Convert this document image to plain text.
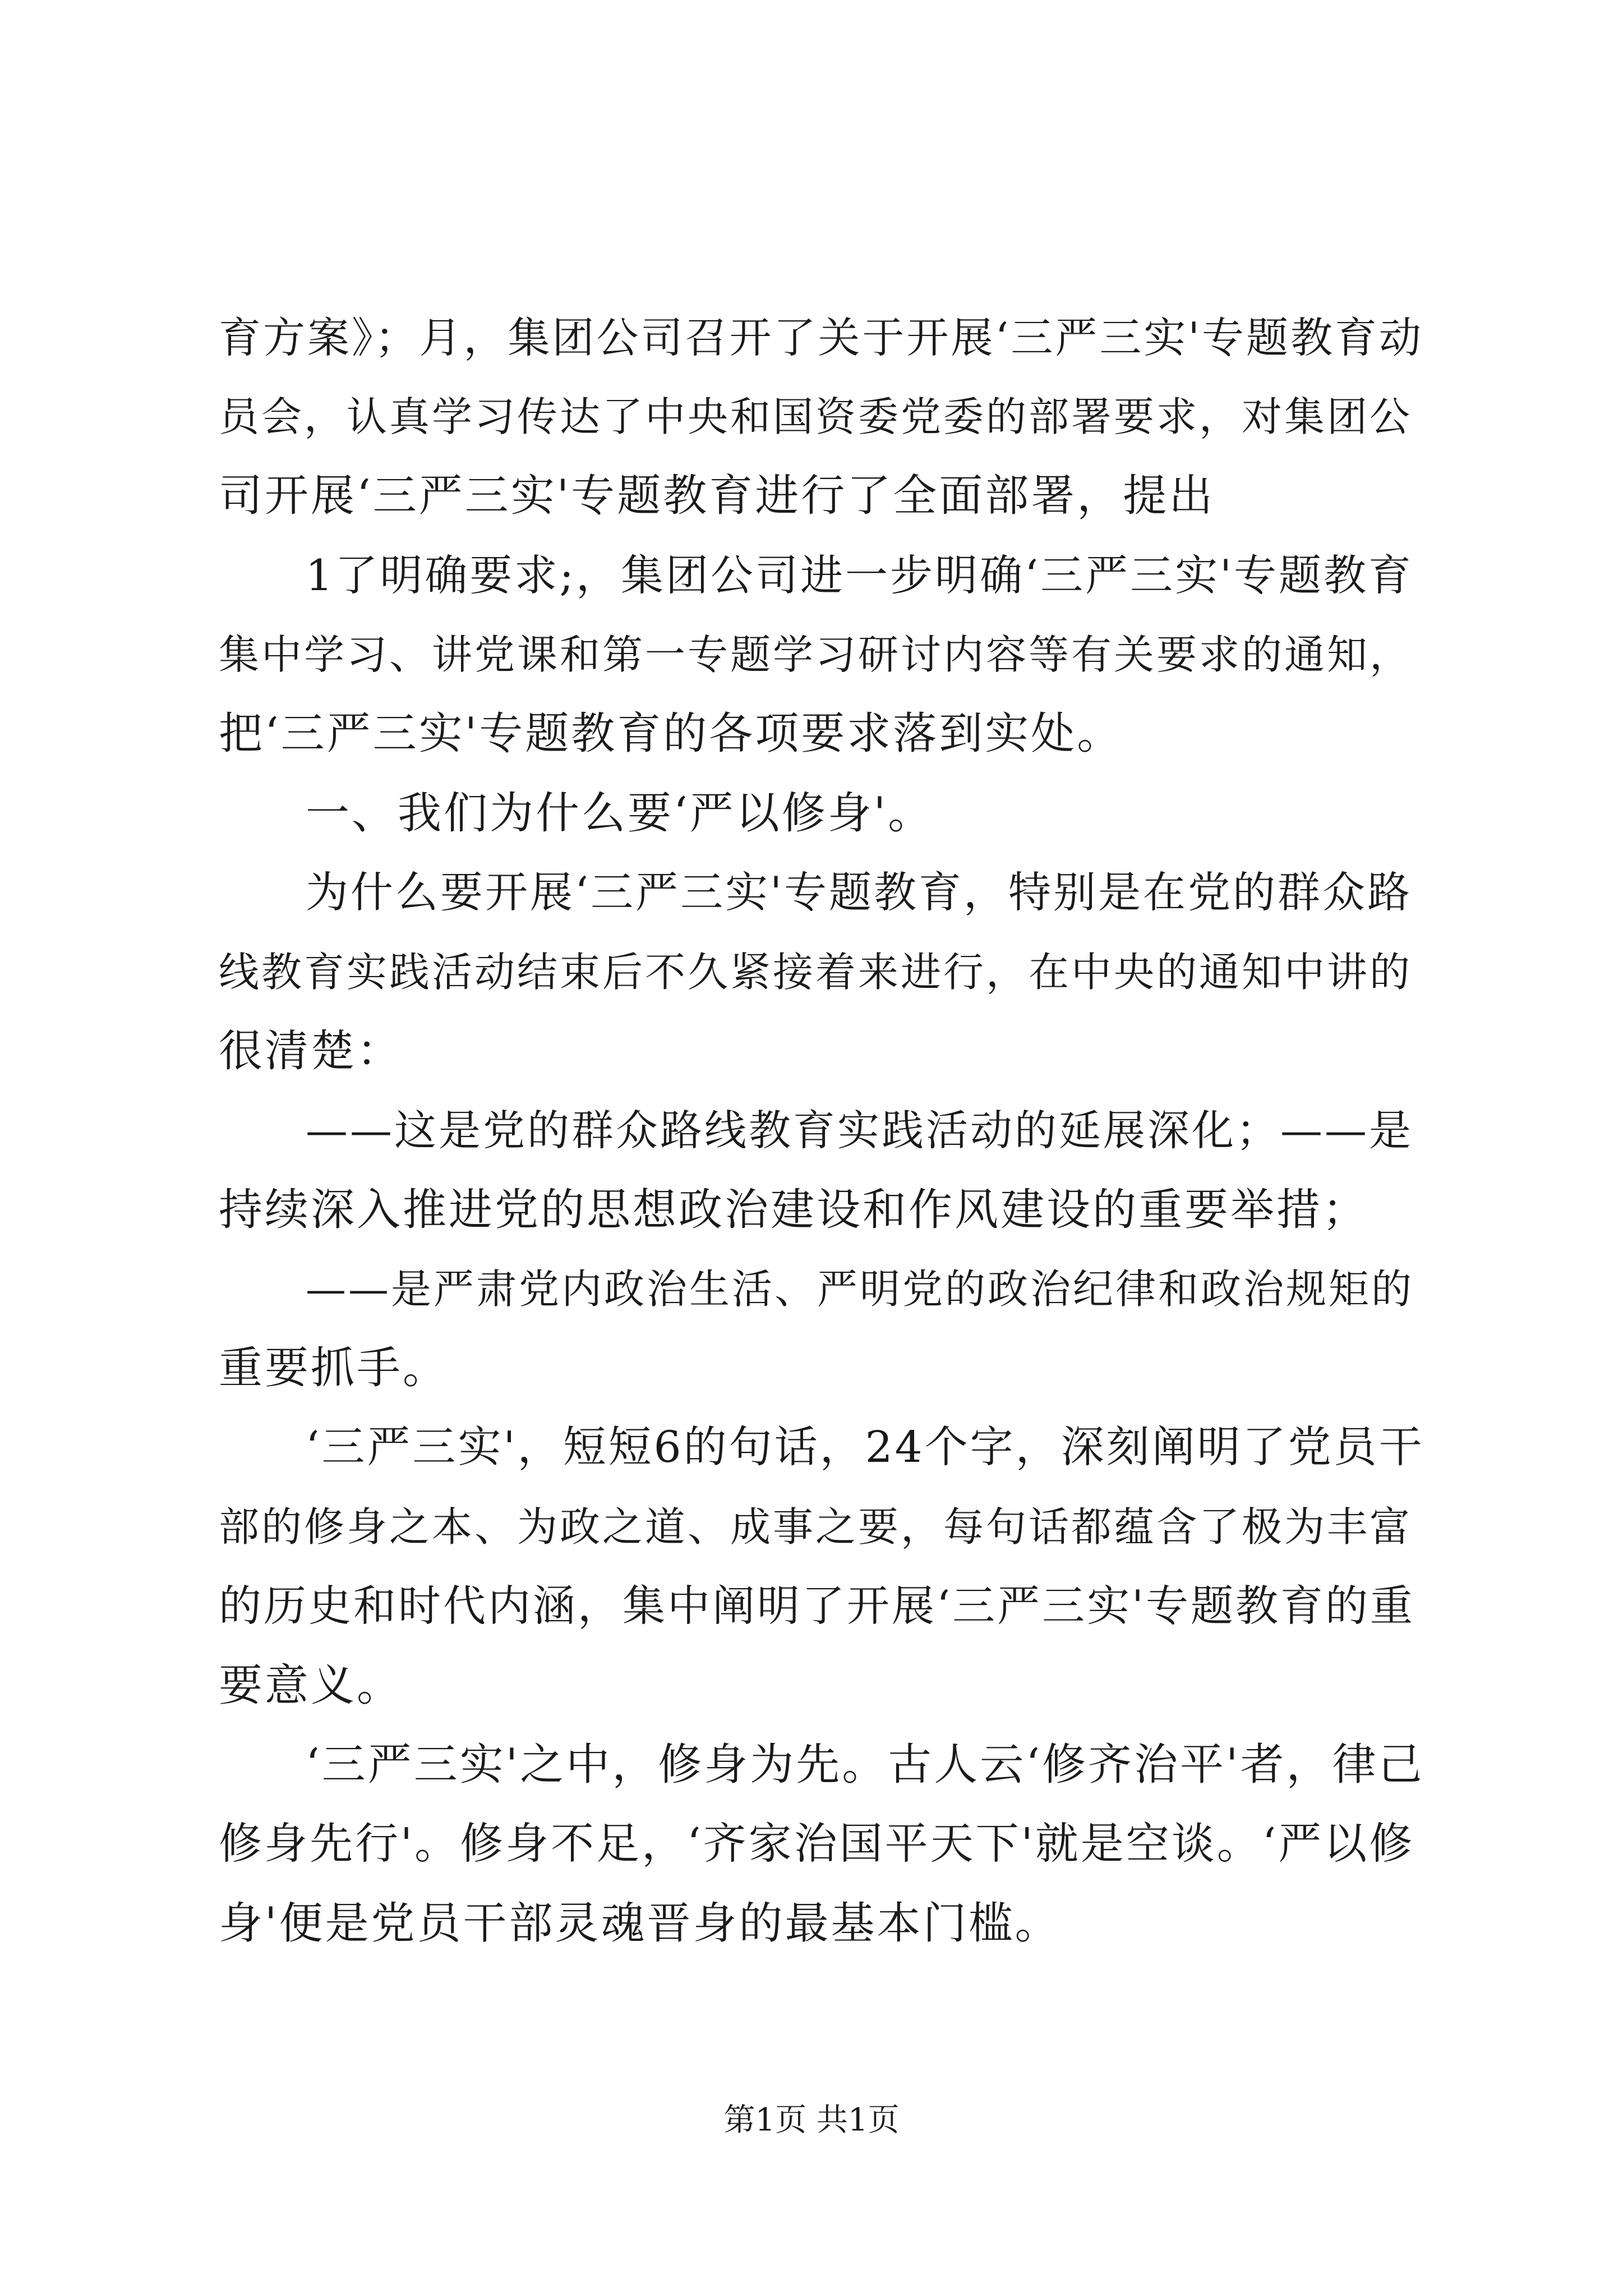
育方案》；月，集团公司召开了关于开展‘三严三实'专题教育动
员会，认真学习传达了中央和国资委党委的部署要求，对集团公
司开展‘三严三实'专题教育进行了全面部署，提出
1了明确要求;，集团公司进一步明确‘三严三实'专题教育
集中学习、讲党课和第一专题学习研讨内容等有关要求的通知，
把‘三严三实'专题教育的各项要求落到实处。
一、我们为什么要‘严以修身'。
为什么要开展‘三严三实'专题教育，特别是在党的群众路
线教育实践活动结束后不久紧接着来进行，在中央的通知中讲的
很清楚：
——这是党的群众路线教育实践活动的延展深化；——是
持续深入推进党的思想政治建设和作风建设的重要举措；
——是严肃党内政治生活、严明党的政治纪律和政治规矩的
重要抓手。
‘三严三实'，短短6的句话，24个字，深刻阐明了党员干
部的修身之本、为政之道、成事之要，每句话都蕴含了极为丰富
的历史和时代内涵，集中阐明了开展‘三严三实'专题教育的重
要意义。
‘三严三实'之中，修身为先。古人云‘修齐治平'者，律己
修身先行'。修身不足，‘齐家治国平天下'就是空谈。‘严以修
身'便是党员干部灵魂晋身的最基本门槛。
第1页 共1页
